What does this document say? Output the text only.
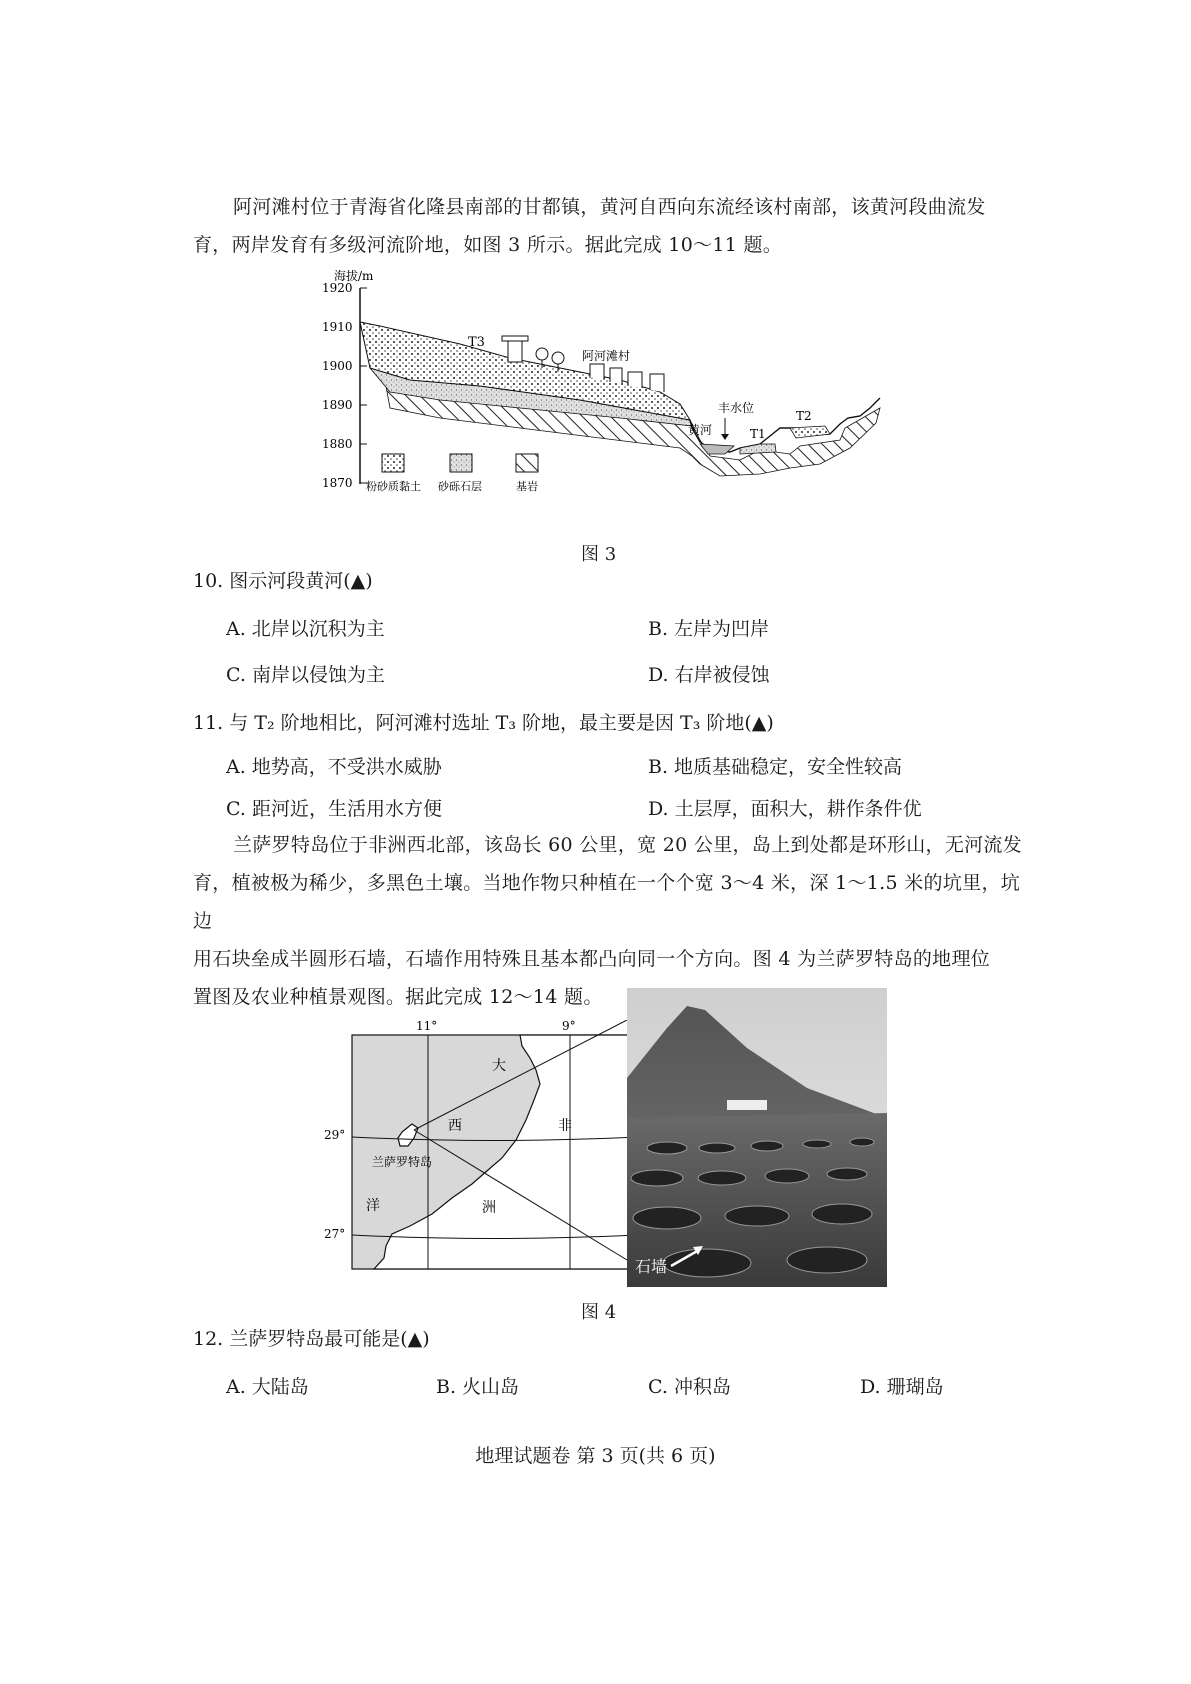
阿河滩村位于青海省化隆县南部的甘都镇，黄河自西向东流经该村南部，该黄河段曲流发
育，两岸发育有多级河流阶地，如图 3 所示。据此完成 10～11 题。
海拔/m
1920
1910
1900
1890
1880
1870
T3
阿河滩村
丰水位
黄河	T1
T2
粉砂质黏土 砂砾石层	基岩
图 3
10. 图示河段黄河(▲)
A. 北岸以沉积为主	B. 左岸为凹岸
C. 南岸以侵蚀为主	D. 右岸被侵蚀
11. 与 T₂ 阶地相比，阿河滩村选址 T₃ 阶地，最主要是因 T₃ 阶地(▲)
A. 地势高，不受洪水威胁	B. 地质基础稳定，安全性较高
C. 距河近，生活用水方便	D. 土层厚，面积大，耕作条件优
兰萨罗特岛位于非洲西北部，该岛长 60 公里，宽 20 公里，岛上到处都是环形山，无河流发
育，植被极为稀少，多黑色土壤。当地作物只种植在一个个宽 3～4 米，深 1～1.5 米的坑里，坑边
用石块垒成半圆形石墙，石墙作用特殊且基本都凸向同一个方向。图 4 为兰萨罗特岛的地理位
置图及农业种植景观图。据此完成 12～14 题。
11°	9°
29°
27°
大
西	非
洋	洲
兰萨罗特岛
石墙
图 4
12. 兰萨罗特岛最可能是(▲)
A. 大陆岛	B. 火山岛	C. 冲积岛	D. 珊瑚岛
地理试题卷 第 3 页(共 6 页)
